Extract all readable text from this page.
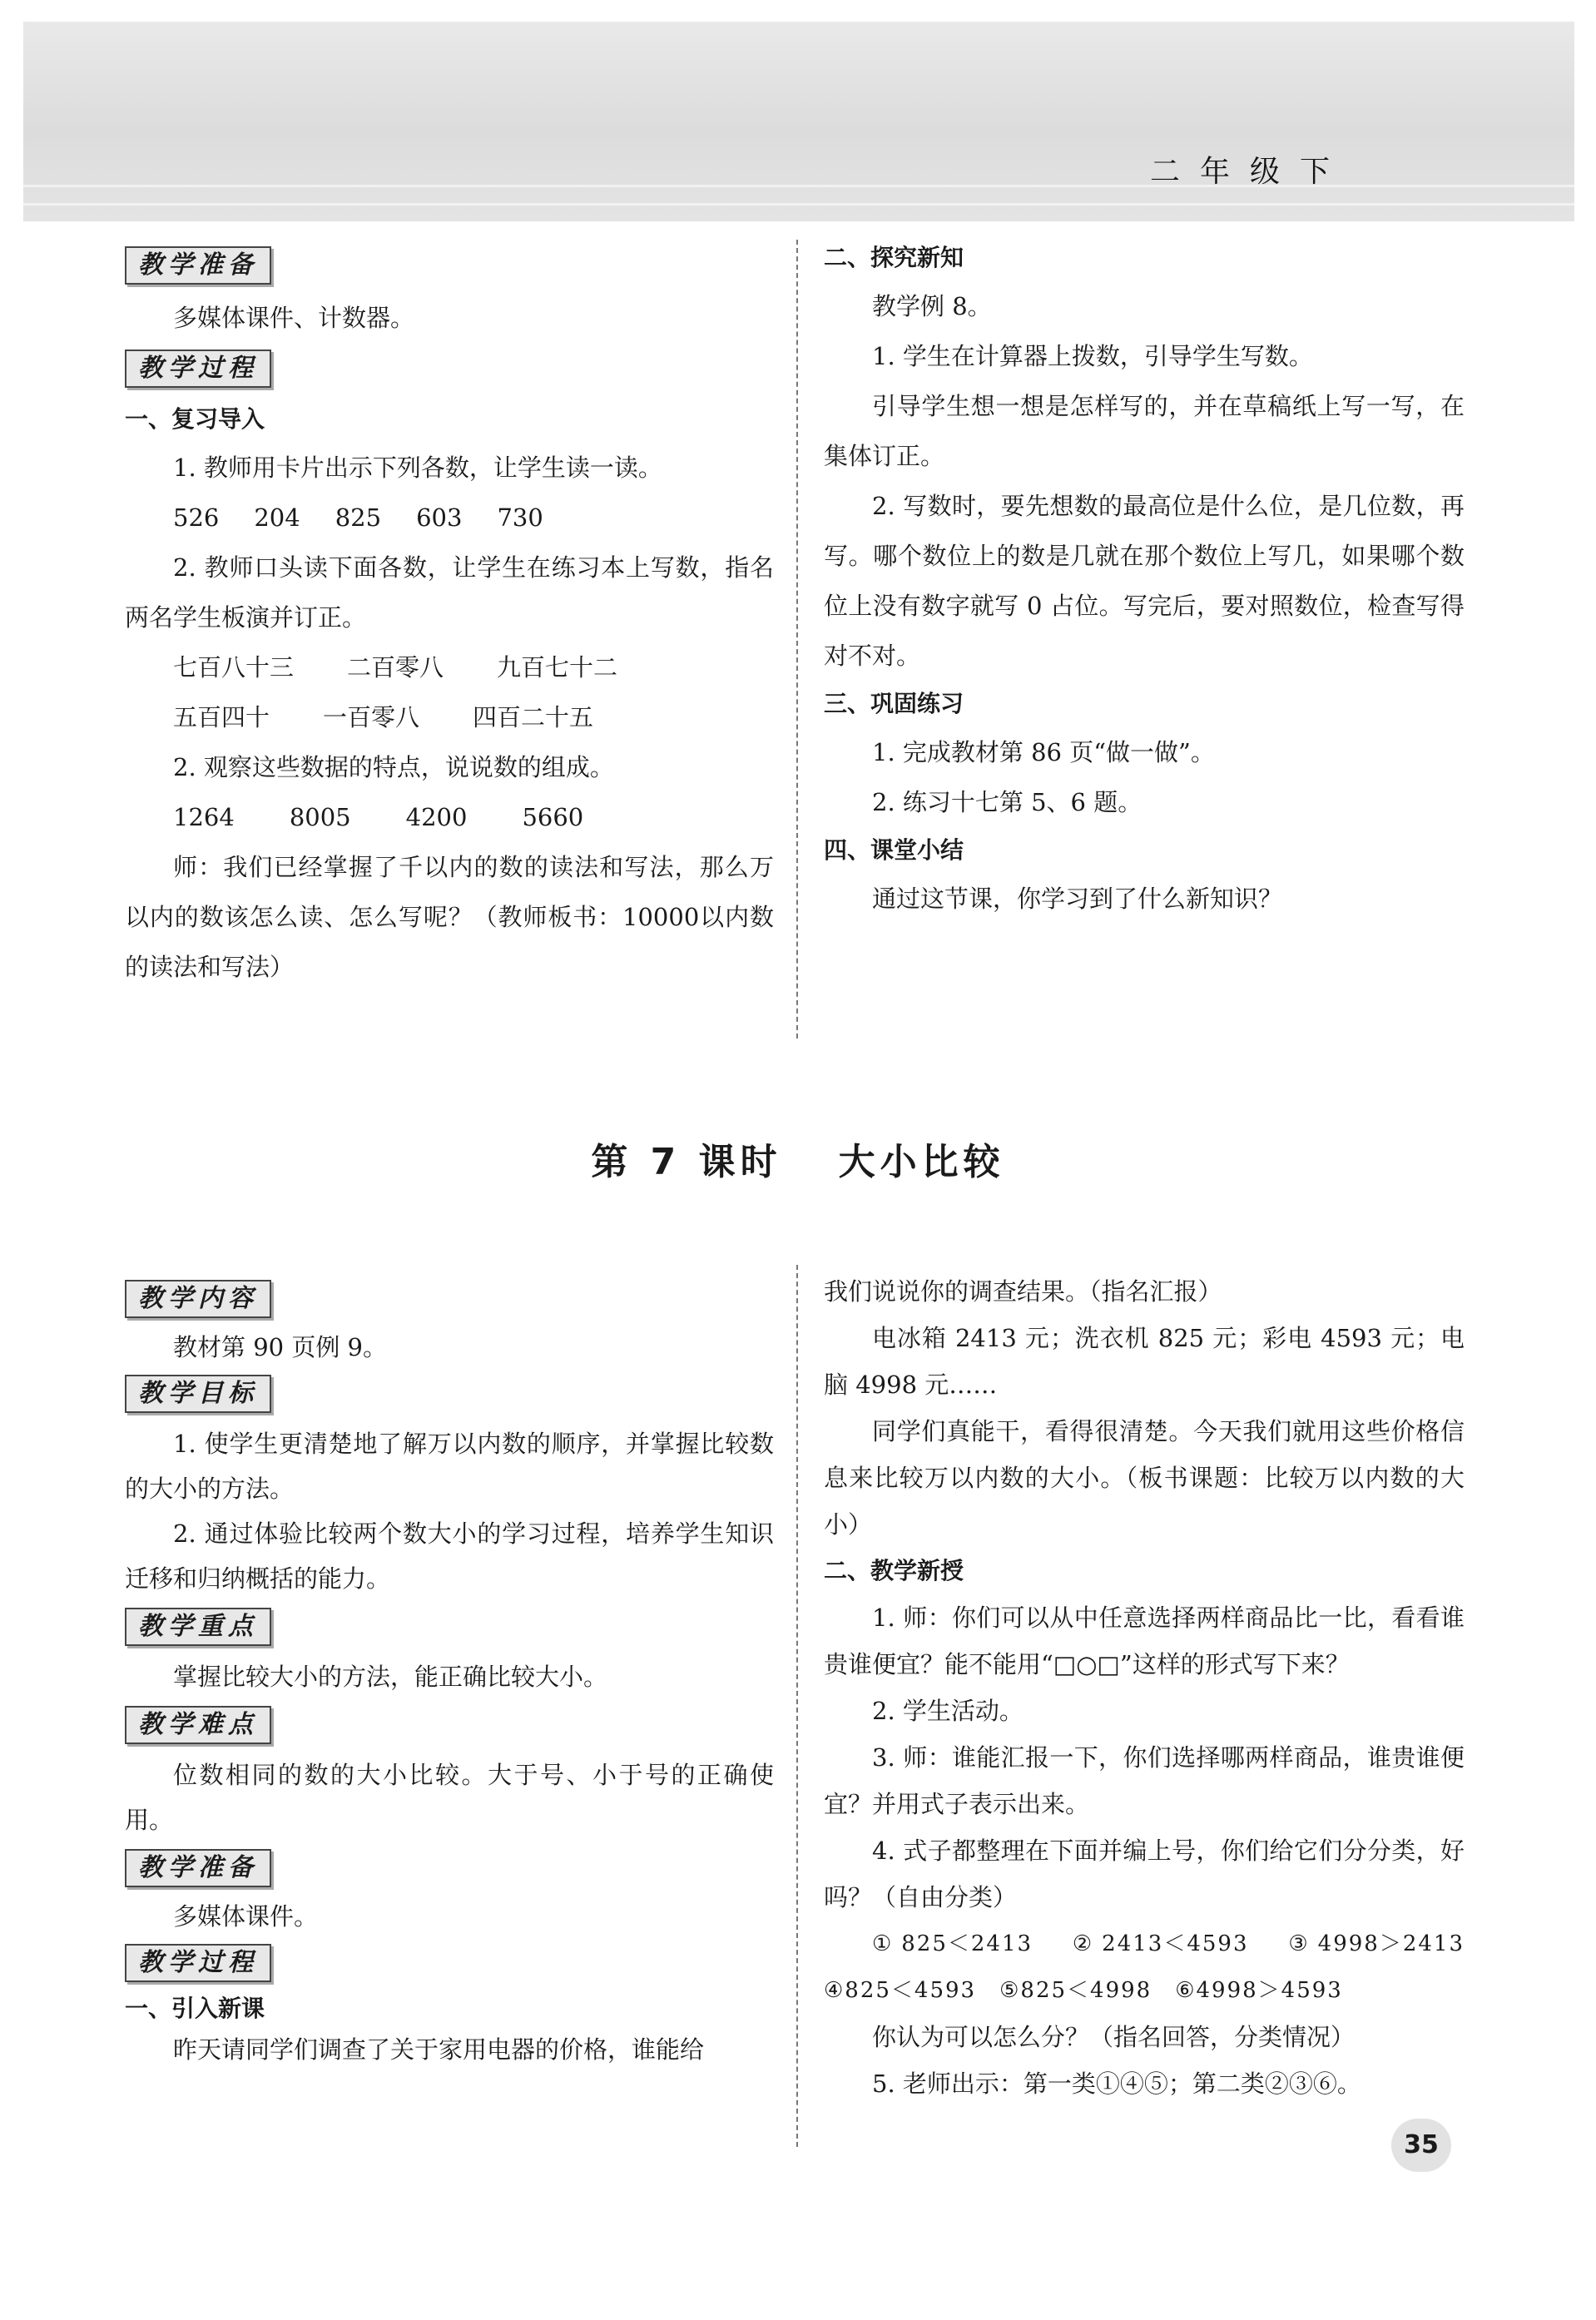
二年级下
教学准备

多媒体课件、计数器。

教学过程

一、复习导入

1. 教师用卡片出示下列各数，让学生读一读。

526 204 825 603 730

2. 教师口头读下面各数，让学生在练习本上写数，指名两名学生板演并订正。

七百八十三 二百零八 九百七十二

五百四十 一百零八 四百二十五

2. 观察这些数据的特点，说说数的组成。

1264 8005 4200 5660

师：我们已经掌握了千以内的数的读法和写法，那么万以内的数该怎么读、怎么写呢？（教师板书：10000以内数的读法和写法）

二、探究新知

教学例 8。

1. 学生在计算器上拨数，引导学生写数。

引导学生想一想是怎样写的，并在草稿纸上写一写，在集体订正。

2. 写数时，要先想数的最高位是什么位，是几位数，再写。哪个数位上的数是几就在那个数位上写几，如果哪个数位上没有数字就写 0 占位。写完后，要对照数位，检查写得对不对。

三、巩固练习

1. 完成教材第 86 页“做一做”。

2. 练习十七第 5、6 题。

四、课堂小结

通过这节课，你学习到了什么新知识？

第 7 课时 大小比较
教学内容

教材第 90 页例 9。

教学目标

1. 使学生更清楚地了解万以内数的顺序，并掌握比较数的大小的方法。

2. 通过体验比较两个数大小的学习过程，培养学生知识迁移和归纳概括的能力。

教学重点

掌握比较大小的方法，能正确比较大小。

教学难点

位数相同的数的大小比较。大于号、小于号的正确使用。

教学准备

多媒体课件。

教学过程

一、引入新课

昨天请同学们调查了关于家用电器的价格，谁能给

我们说说你的调查结果。（指名汇报）

电冰箱 2413 元；洗衣机 825 元；彩电 4593 元；电脑 4998 元……

同学们真能干，看得很清楚。今天我们就用这些价格信息来比较万以内数的大小。（板书课题：比较万以内数的大小）

二、教学新授

1. 师：你们可以从中任意选择两样商品比一比，看看谁贵谁便宜？能不能用“□○□”这样的形式写下来？

2. 学生活动。

3. 师：谁能汇报一下，你们选择哪两样商品，谁贵谁便宜？并用式子表示出来。

4. 式子都整理在下面并编上号，你们给它们分分类，好吗？（自由分类）

①825＜2413　②2413＜4593　③4998＞2413　④825＜4593　⑤825＜4998　⑥4998＞4593

你认为可以怎么分？（指名回答，分类情况）

5. 老师出示：第一类①④⑤；第二类②③⑥。

35
